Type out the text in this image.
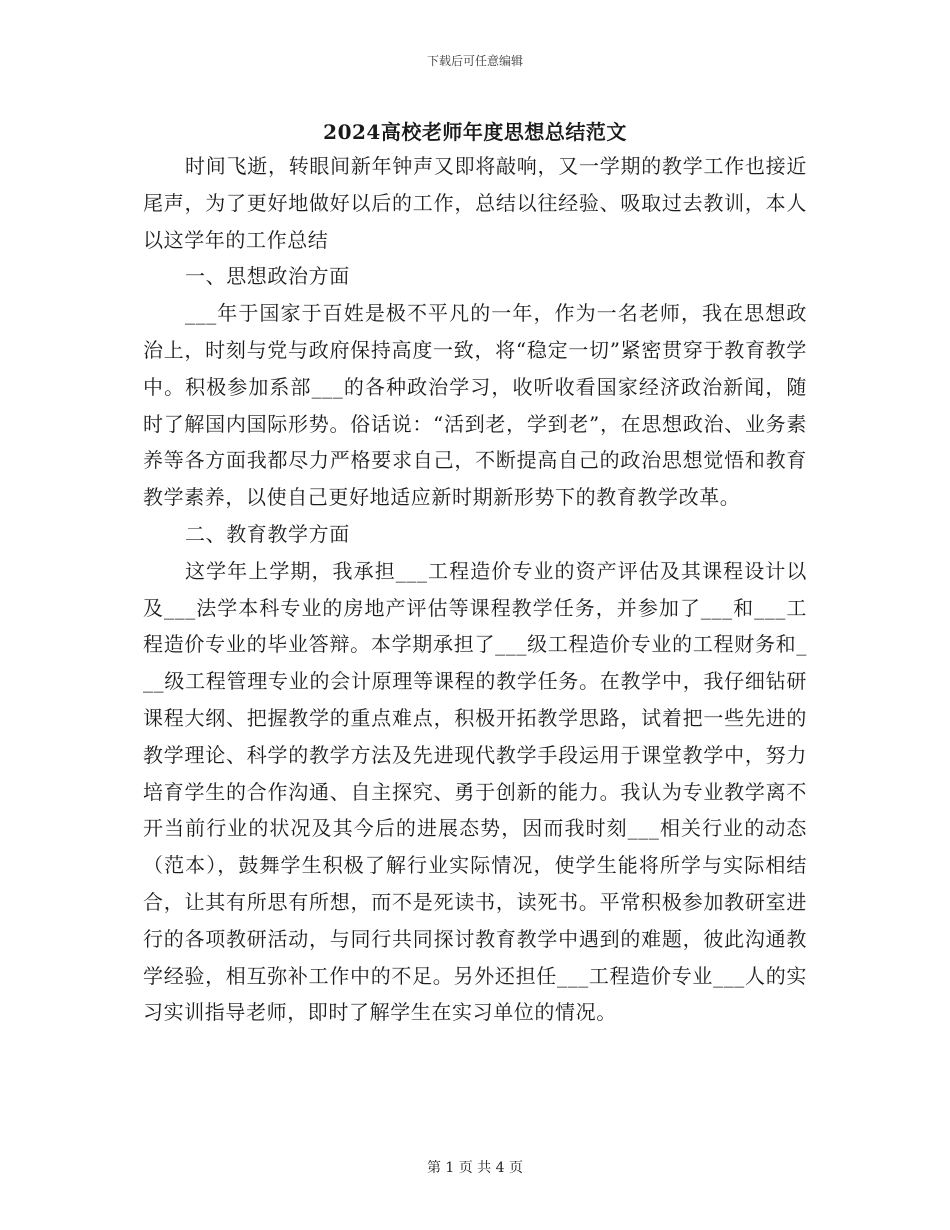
下载后可任意编辑
2024高校老师年度思想总结范文

时间飞逝，转眼间新年钟声又即将敲响，又一学期的教学工作也接近尾声，为了更好地做好以后的工作，总结以往经验、吸取过去教训，本人以这学年的工作总结

一、思想政治方面

___年于国家于百姓是极不平凡的一年，作为一名老师，我在思想政治上，时刻与党与政府保持高度一致，将“稳定一切”紧密贯穿于教育教学中。积极参加系部___的各种政治学习，收听收看国家经济政治新闻，随时了解国内国际形势。俗话说：“活到老，学到老”，在思想政治、业务素养等各方面我都尽力严格要求自己，不断提高自己的政治思想觉悟和教育教学素养，以使自己更好地适应新时期新形势下的教育教学改革。

二、教育教学方面

这学年上学期，我承担___工程造价专业的资产评估及其课程设计以及___法学本科专业的房地产评估等课程教学任务，并参加了___和___工程造价专业的毕业答辩。本学期承担了___级工程造价专业的工程财务和___级工程管理专业的会计原理等课程的教学任务。在教学中，我仔细钻研课程大纲、把握教学的重点难点，积极开拓教学思路，试着把一些先进的教学理论、科学的教学方法及先进现代教学手段运用于课堂教学中，努力培育学生的合作沟通、自主探究、勇于创新的能力。我认为专业教学离不开当前行业的状况及其今后的进展态势，因而我时刻___相关行业的动态（范本），鼓舞学生积极了解行业实际情况，使学生能将所学与实际相结合，让其有所思有所想，而不是死读书，读死书。平常积极参加教研室进行的各项教研活动，与同行共同探讨教育教学中遇到的难题，彼此沟通教学经验，相互弥补工作中的不足。另外还担任___工程造价专业___人的实习实训指导老师，即时了解学生在实习单位的情况。

第 1 页 共 4 页
